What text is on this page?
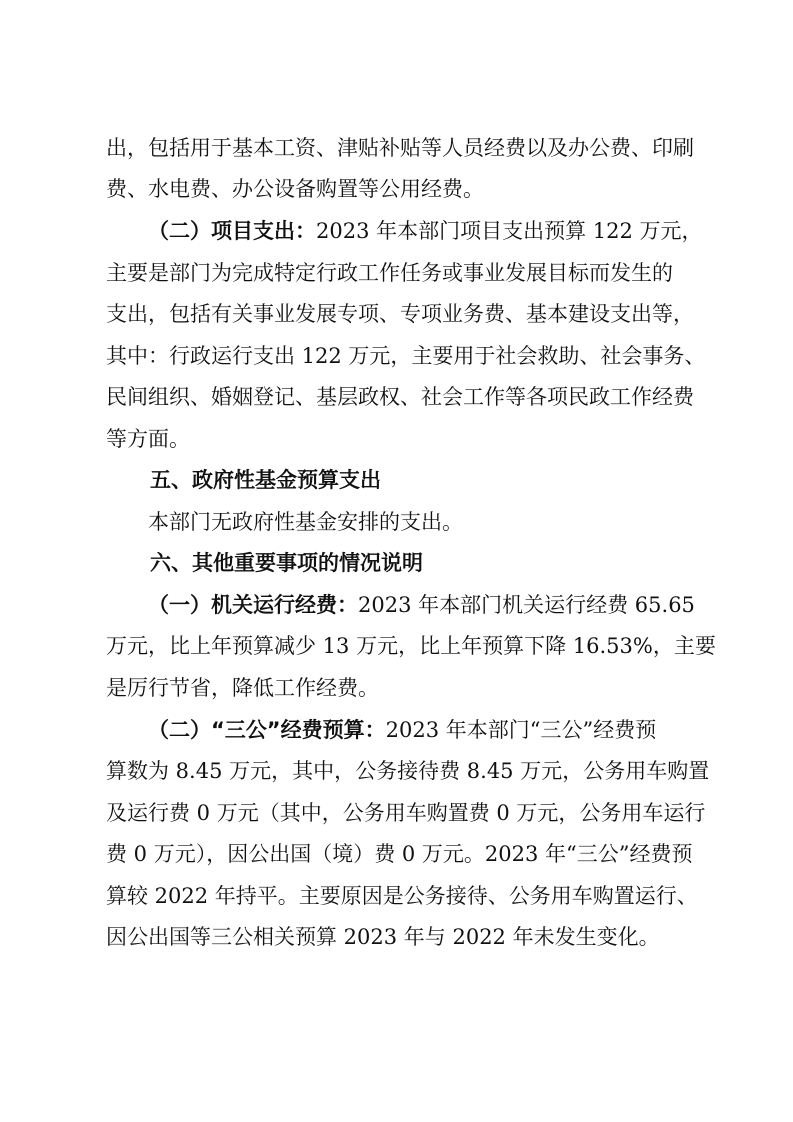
出，包括用于基本工资、津贴补贴等人员经费以及办公费、印刷
费、水电费、办公设备购置等公用经费。
（二）项目支出：2023 年本部门项目支出预算 122 万元，
主要是部门为完成特定行政工作任务或事业发展目标而发生的
支出，包括有关事业发展专项、专项业务费、基本建设支出等，
其中：行政运行支出 122 万元，主要用于社会救助、社会事务、
民间组织、婚姻登记、基层政权、社会工作等各项民政工作经费
等方面。
五、政府性基金预算支出
本部门无政府性基金安排的支出。
六、其他重要事项的情况说明
（一）机关运行经费：2023 年本部门机关运行经费 65.65
万元，比上年预算减少 13 万元，比上年预算下降 16.53%，主要
是厉行节省，降低工作经费。
（二）“三公”经费预算：2023 年本部门“三公”经费预
算数为 8.45 万元，其中，公务接待费 8.45 万元，公务用车购置
及运行费 0 万元（其中，公务用车购置费 0 万元，公务用车运行
费 0 万元），因公出国（境）费 0 万元。2023 年“三公”经费预
算较 2022 年持平。主要原因是公务接待、公务用车购置运行、
因公出国等三公相关预算 2023 年与 2022 年未发生变化。
